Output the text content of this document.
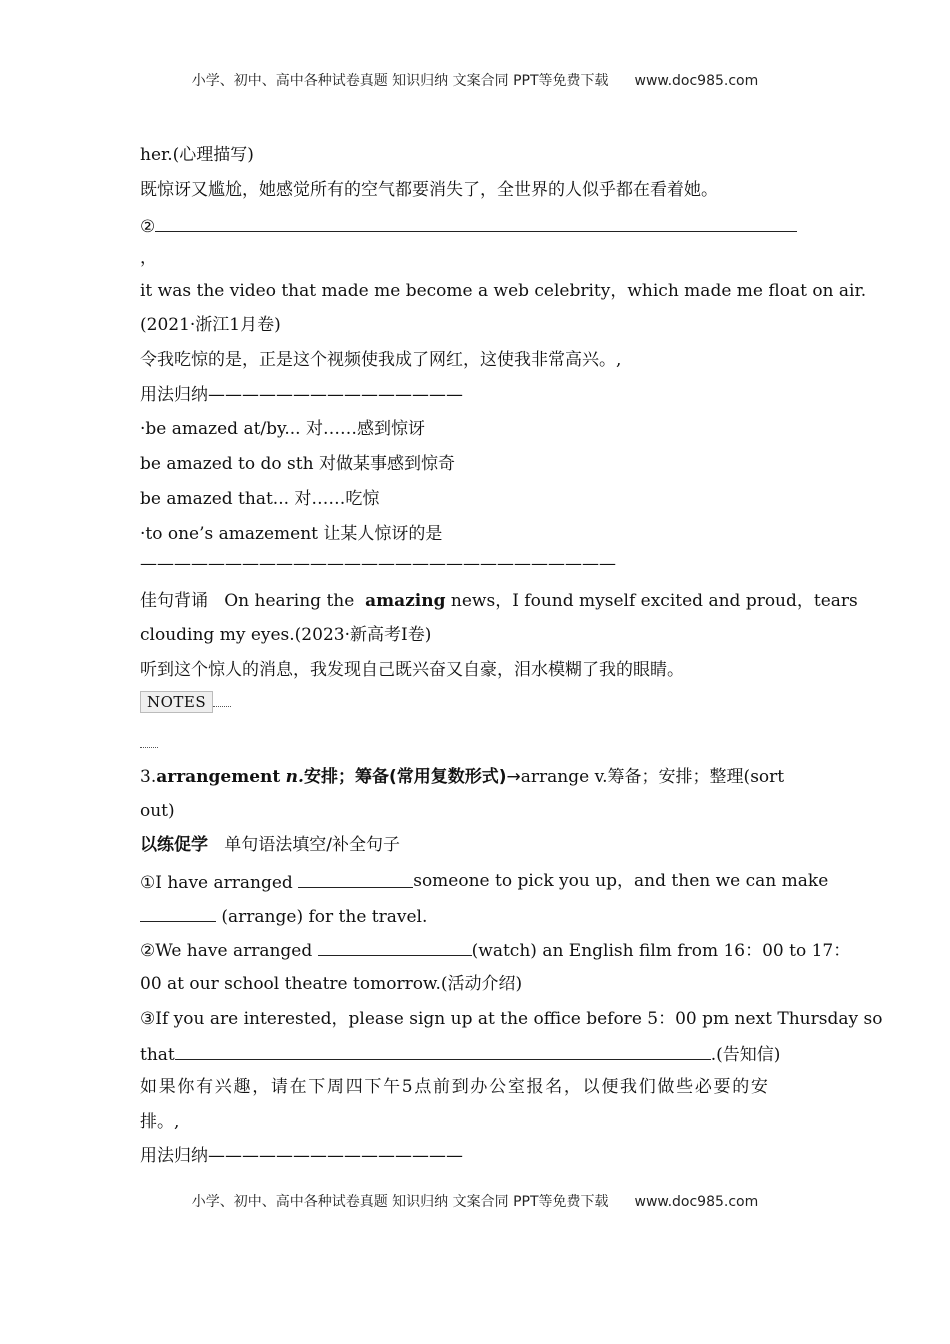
小学、初中、高中各种试卷真题 知识归纳 文案合同 PPT等免费下载 www.doc985.com
her.(心理描写)
既惊讶又尴尬，她感觉所有的空气都要消失了，全世界的人似乎都在看着她。
②
，
it was the video that made me become a web celebrity，which made me float on air.
(2021·浙江1月卷)
令我吃惊的是，正是这个视频使我成了网红，这使我非常高兴。,
用法归纳———————————————
·be amazed at/by... 对……感到惊讶
be amazed to do sth 对做某事感到惊奇
be amazed that... 对……吃惊
·to one’s amazement 让某人惊讶的是
————————————————————————————
佳句背诵 On hearing the amazing news，I found myself excited and proud，tears
clouding my eyes.(2023·新高考Ⅰ卷)
听到这个惊人的消息，我发现自己既兴奋又自豪，泪水模糊了我的眼睛。
NOTES
3.arrangement n.安排；筹备(常用复数形式)→arrange v.筹备；安排；整理(sort
out)
以练促学 单句语法填空/补全句子
①I have arranged	someone to pick you up，and then we can make
(arrange) for the travel.
②We have arranged	(watch) an English film from 16：00 to 17：
00 at our school theatre tomorrow.(活动介绍)
③If you are interested，please sign up at the office before 5：00 pm next Thursday so
that	.(告知信)
如果你有兴趣，请在下周四下午5点前到办公室报名，以便我们做些必要的安
排。,
用法归纳———————————————
小学、初中、高中各种试卷真题 知识归纳 文案合同 PPT等免费下载 www.doc985.com
